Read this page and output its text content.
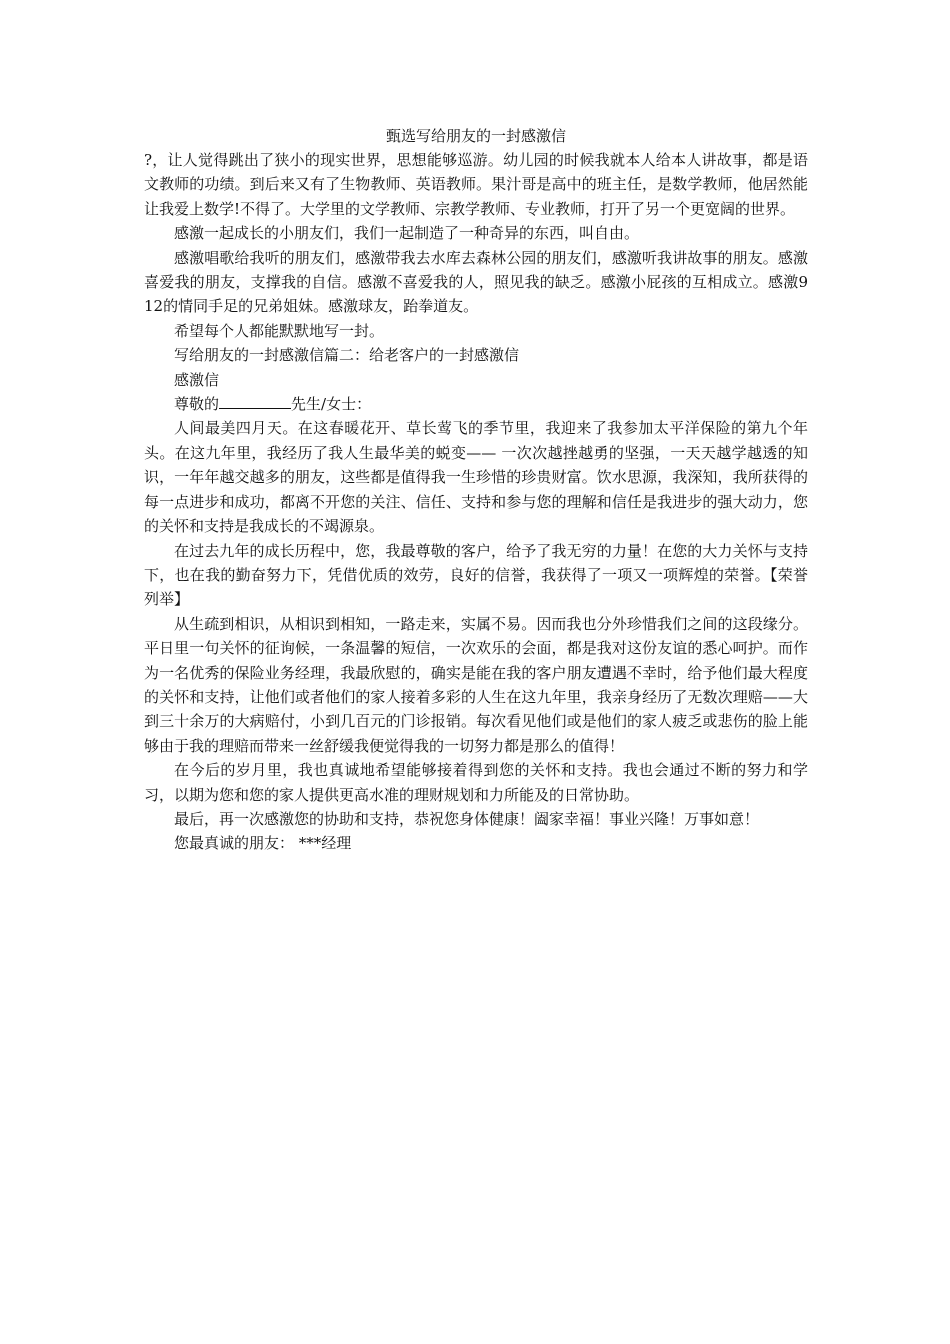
甄选写给朋友的一封感激信

?，让人觉得跳出了狭小的现实世界，思想能够巡游。幼儿园的时候我就本人给本人讲故事，都是语文教师的功绩。到后来又有了生物教师、英语教师。果汁哥是高中的班主任，是数学教师，他居然能让我爱上数学!不得了。大学里的文学教师、宗教学教师、专业教师，打开了另一个更宽阔的世界。

感激一起成长的小朋友们，我们一起制造了一种奇异的东西，叫自由。

感激唱歌给我听的朋友们，感激带我去水库去森林公园的朋友们，感激听我讲故事的朋友。感激喜爱我的朋友，支撑我的自信。感激不喜爱我的人，照见我的缺乏。感激小屁孩的互相成立。感激912的情同手足的兄弟姐妹。感激球友，跆拳道友。

希望每个人都能默默地写一封。

写给朋友的一封感激信篇二：给老客户的一封感激信

感激信

尊敬的	先生/女士：

人间最美四月天。在这春暖花开、草长莺飞的季节里，我迎来了我参加太平洋保险的第九个年头。在这九年里，我经历了我人生最华美的蜕变—— 一次次越挫越勇的坚强，一天天越学越透的知识，一年年越交越多的朋友，这些都是值得我一生珍惜的珍贵财富。饮水思源，我深知，我所获得的每一点进步和成功，都离不开您的关注、信任、支持和参与您的理解和信任是我进步的强大动力，您的关怀和支持是我成长的不竭源泉。

在过去九年的成长历程中，您，我最尊敬的客户，给予了我无穷的力量！在您的大力关怀与支持下，也在我的勤奋努力下，凭借优质的效劳，良好的信誉，我获得了一项又一项辉煌的荣誉。【荣誉列举】

从生疏到相识，从相识到相知，一路走来，实属不易。因而我也分外珍惜我们之间的这段缘分。平日里一句关怀的征询候，一条温馨的短信，一次欢乐的会面，都是我对这份友谊的悉心呵护。而作为一名优秀的保险业务经理，我最欣慰的，确实是能在我的客户朋友遭遇不幸时，给予他们最大程度的关怀和支持，让他们或者他们的家人接着多彩的人生在这九年里，我亲身经历了无数次理赔——大到三十余万的大病赔付，小到几百元的门诊报销。每次看见他们或是他们的家人疲乏或悲伤的脸上能够由于我的理赔而带来一丝舒缓我便觉得我的一切努力都是那么的值得！

在今后的岁月里，我也真诚地希望能够接着得到您的关怀和支持。我也会通过不断的努力和学习，以期为您和您的家人提供更高水准的理财规划和力所能及的日常协助。

最后，再一次感激您的协助和支持，恭祝您身体健康！阖家幸福！事业兴隆！万事如意！

您最真诚的朋友： ***经理
